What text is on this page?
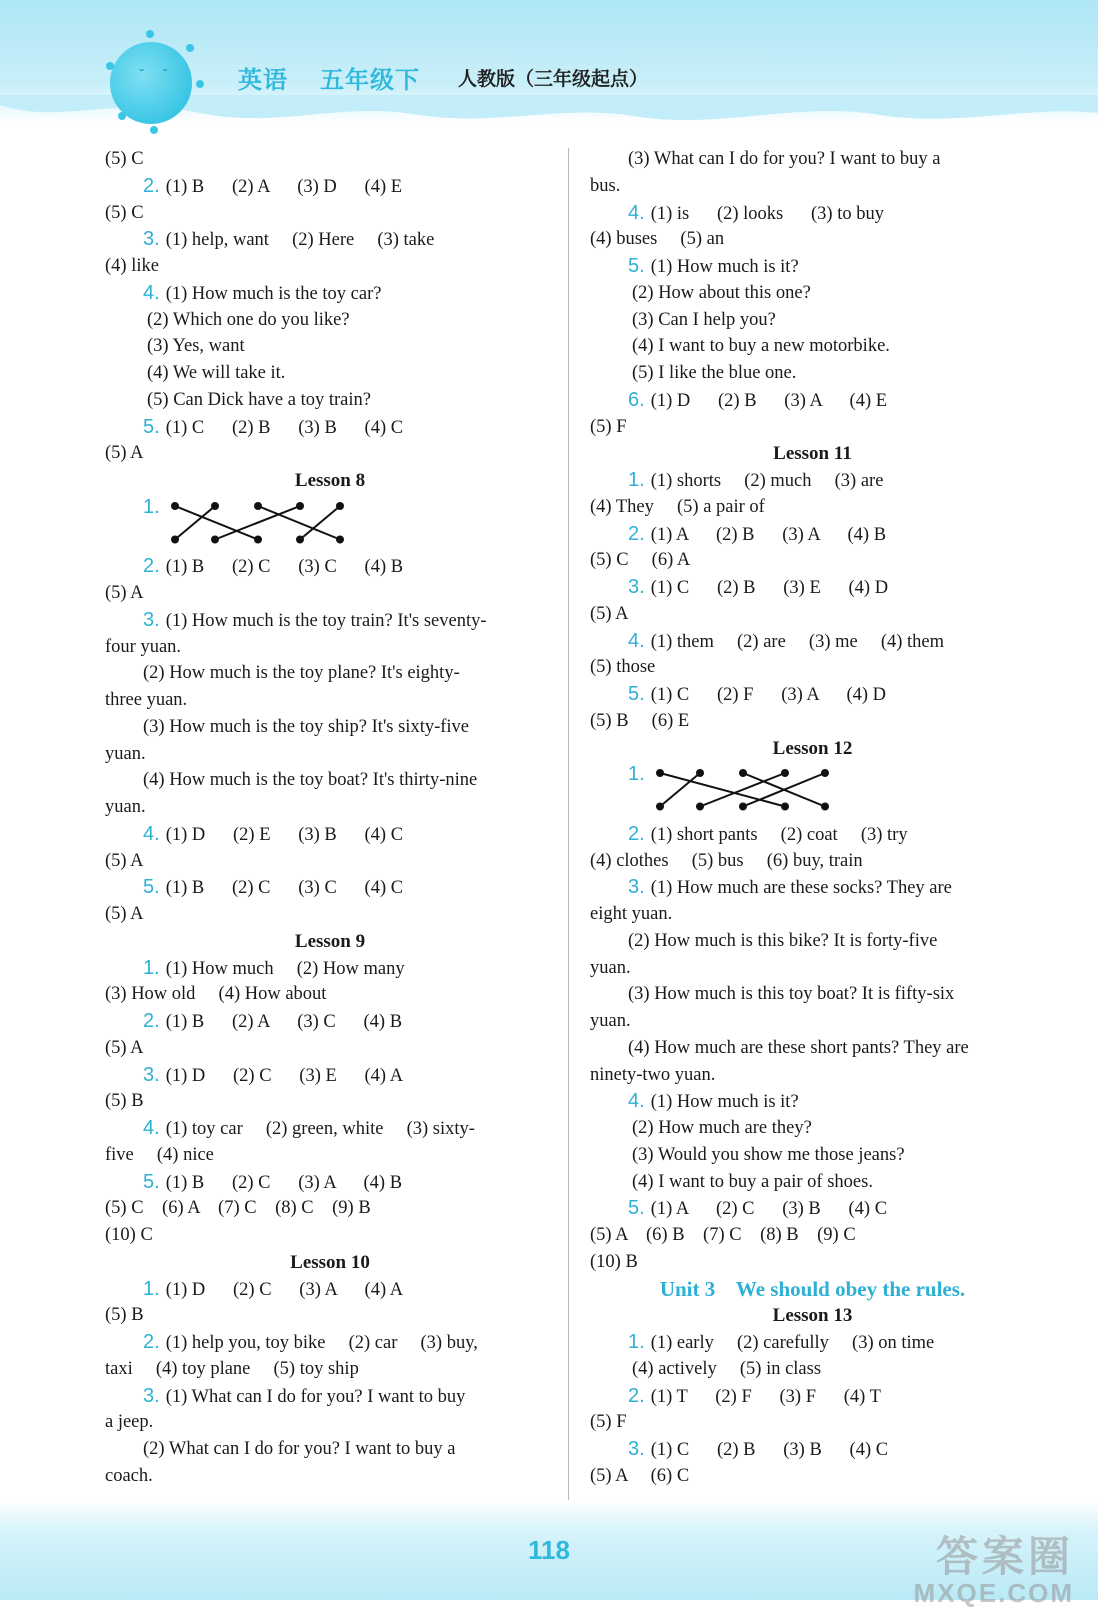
˘ ˘	英语 五年级下 人教版（三年级起点）
(5) C
2. (1) B      (2) A      (3) D      (4) E
(5) C
3. (1) help, want     (2) Here     (3) take
(4) like
4. (1) How much is the toy car?
(2) Which one do you like?
(3) Yes, want
(4) We will take it.
(5) Can Dick have a toy train?
5. (1) C      (2) B      (3) B      (4) C
(5) A
Lesson 8
1.
2. (1) B      (2) C      (3) C      (4) B
(5) A
3. (1) How much is the toy train? It's seventy-
four yuan.
(2) How much is the toy plane? It's eighty-
three yuan.
(3) How much is the toy ship? It's sixty-five
yuan.
(4) How much is the toy boat? It's thirty-nine
yuan.
4. (1) D      (2) E      (3) B      (4) C
(5) A
5. (1) B      (2) C      (3) C      (4) C
(5) A
Lesson 9
1. (1) How much     (2) How many
(3) How old     (4) How about
2. (1) B      (2) A      (3) C      (4) B
(5) A
3. (1) D      (2) C      (3) E      (4) A
(5) B
4. (1) toy car     (2) green, white     (3) sixty-
five     (4) nice
5. (1) B      (2) C      (3) A      (4) B
(5) C    (6) A    (7) C    (8) C    (9) B
(10) C
Lesson 10
1. (1) D      (2) C      (3) A      (4) A
(5) B
2. (1) help you, toy bike     (2) car     (3) buy,
taxi     (4) toy plane     (5) toy ship
3. (1) What can I do for you? I want to buy
a jeep.
(2) What can I do for you? I want to buy a
coach.
(3) What can I do for you? I want to buy a
bus.
4. (1) is      (2) looks      (3) to buy
(4) buses     (5) an
5. (1) How much is it?
(2) How about this one?
(3) Can I help you?
(4) I want to buy a new motorbike.
(5) I like the blue one.
6. (1) D      (2) B      (3) A      (4) E
(5) F
Lesson 11
1. (1) shorts     (2) much     (3) are
(4) They     (5) a pair of
2. (1) A      (2) B      (3) A      (4) B
(5) C     (6) A
3. (1) C      (2) B      (3) E      (4) D
(5) A
4. (1) them     (2) are     (3) me     (4) them
(5) those
5. (1) C      (2) F      (3) A      (4) D
(5) B     (6) E
Lesson 12
1.
2. (1) short pants     (2) coat     (3) try
(4) clothes     (5) bus     (6) buy, train
3. (1) How much are these socks? They are
eight yuan.
(2) How much is this bike? It is forty-five
yuan.
(3) How much is this toy boat? It is fifty-six
yuan.
(4) How much are these short pants? They are
ninety-two yuan.
4. (1) How much is it?
(2) How much are they?
(3) Would you show me those jeans?
(4) I want to buy a pair of shoes.
5. (1) A      (2) C      (3) B      (4) C
(5) A    (6) B    (7) C    (8) B    (9) C
(10) B
Unit 3    We should obey the rules.
Lesson 13
1. (1) early     (2) carefully     (3) on time
(4) actively     (5) in class
2. (1) T      (2) F      (3) F      (4) T
(5) F
3. (1) C      (2) B      (3) B      (4) C
(5) A     (6) C
118	答案圈
MXQE.COM
